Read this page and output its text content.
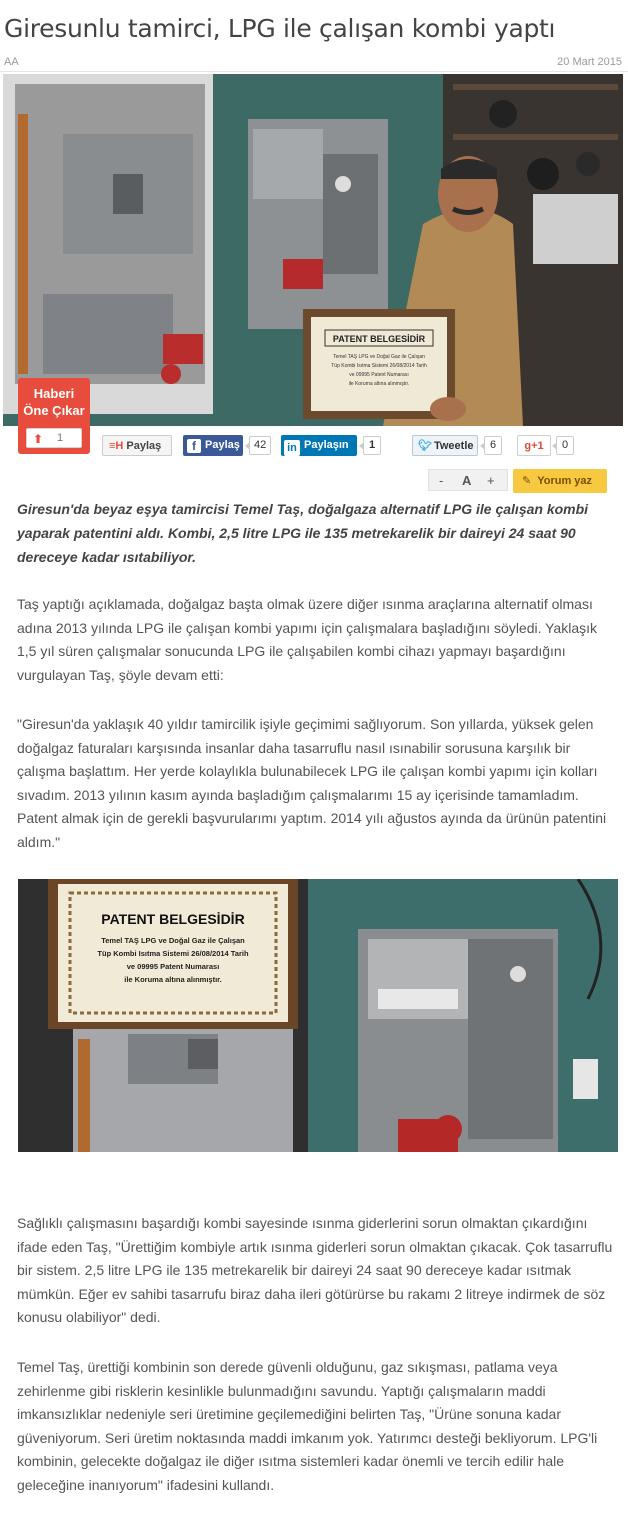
Giresunlu tamirci, LPG ile çalışan kombi yaptı
AA	20 Mart 2015
PATENT BELGESİDİR
Temel TAŞ LPG ve Doğal Gaz ile Çalışan
Tüp Kombi Isıtma Sistemi 26/08/2014 Tarih
ve 09995 Patent Numarası
ile Koruma altına alınmıştır.
Haberi
Öne Çıkar
⬆ 1
≡H Paylaş	f Paylaş	42	in Paylaşın	1	🐦︎ Tweetle	6	g+1	0
- A +	✎ Yorum yaz

Giresun'da beyaz eşya tamircisi Temel Taş, doğalgaza alternatif LPG ile çalışan kombi yaparak patentini aldı. Kombi, 2,5 litre LPG ile 135 metrekarelik bir daireyi 24 saat 90 dereceye kadar ısıtabiliyor.

Taş yaptığı açıklamada, doğalgaz başta olmak üzere diğer ısınma araçlarına alternatif olması adına 2013 yılında LPG ile çalışan kombi yapımı için çalışmalara başladığını söyledi. Yaklaşık 1,5 yıl süren çalışmalar sonucunda LPG ile çalışabilen kombi cihazı yapmayı başardığını vurgulayan Taş, şöyle devam etti:

"Giresun'da yaklaşık 40 yıldır tamircilik işiyle geçimimi sağlıyorum. Son yıllarda, yüksek gelen doğalgaz faturaları karşısında insanlar daha tasarruflu nasıl ısınabilir sorusuna karşılık bir çalışma başlattım. Her yerde kolaylıkla bulunabilecek LPG ile çalışan kombi yapımı için kolları sıvadım. 2013 yılının kasım ayında başladığım çalışmalarımı 15 ay içerisinde tamamladım. Patent almak için de gerekli başvurularımı yaptım. 2014 yılı ağustos ayında da ürünün patentini aldım."

PATENT BELGESİDİR
Temel TAŞ LPG ve Doğal Gaz ile Çalışan
Tüp Kombi Isıtma Sistemi 26/08/2014 Tarih
ve 09995 Patent Numarası
ile Koruma altına alınmıştır.

Sağlıklı çalışmasını başardığı kombi sayesinde ısınma giderlerini sorun olmaktan çıkardığını ifade eden Taş, "Ürettiğim kombiyle artık ısınma giderleri sorun olmaktan çıkacak. Çok tasarruflu bir sistem. 2,5 litre LPG ile 135 metrekarelik bir daireyi 24 saat 90 dereceye kadar ısıtmak mümkün. Eğer ev sahibi tasarrufu biraz daha ileri götürürse bu rakamı 2 litreye indirmek de söz konusu olabiliyor" dedi.

Temel Taş, ürettiği kombinin son derede güvenli olduğunu, gaz sıkışması, patlama veya zehirlenme gibi risklerin kesinlikle bulunmadığını savundu. Yaptığı çalışmaların maddi imkansızlıklar nedeniyle seri üretimine geçilemediğini belirten Taş, "Ürüne sonuna kadar güveniyorum. Seri üretim noktasında maddi imkanım yok. Yatırımcı desteği bekliyorum. LPG'li kombinin, gelecekte doğalgaz ile diğer ısıtma sistemleri kadar önemli ve tercih edilir hale geleceğine inanıyorum" ifadesini kullandı.
